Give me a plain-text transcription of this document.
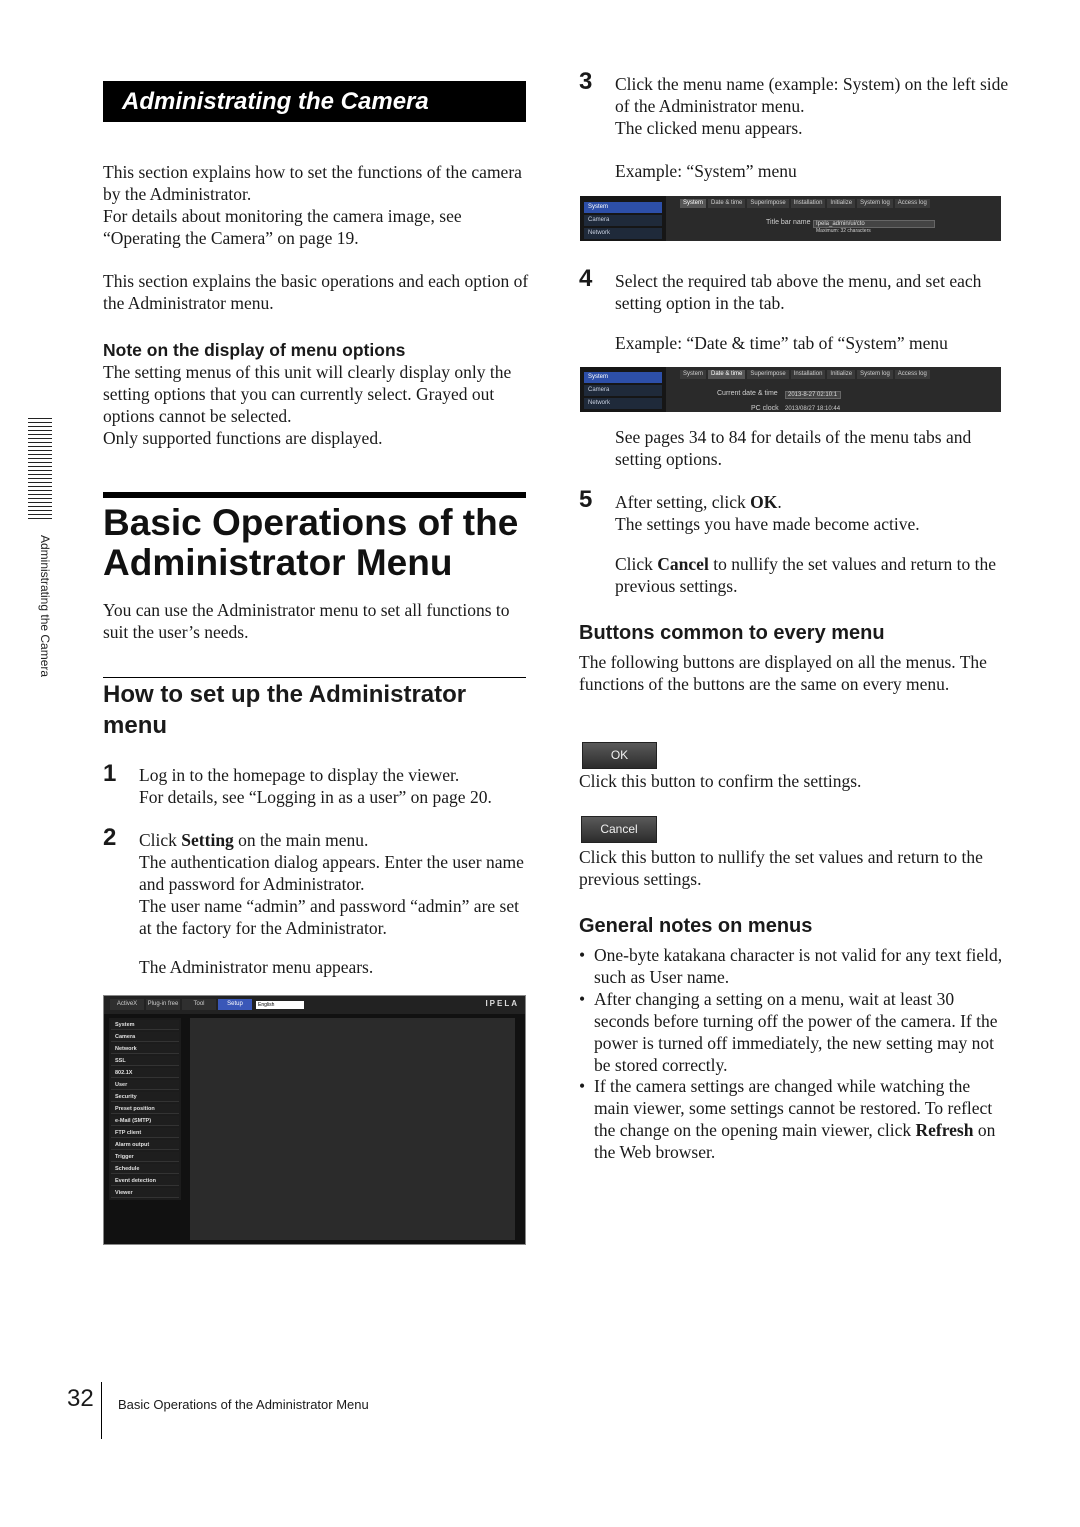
Administrating the Camera
Administrating the Camera
This section explains how to set the functions of the camera by the Administrator.
For details about monitoring the camera image, see “Operating the Camera” on page 19.
This section explains the basic operations and each option of the Administrator menu.
Note on the display of menu options
The setting menus of this unit will clearly display only the setting options that you can currently select. Grayed out options cannot be selected.
Only supported functions are displayed.
Basic Operations of the Administrator Menu
You can use the Administrator menu to set all functions to suit the user’s needs.
How to set up the Administrator menu
1 Log in to the homepage to display the viewer.
For details, see “Logging in as a user” on page 20.
2 Click Setting on the main menu.
The authentication dialog appears. Enter the user name and password for Administrator.
The user name “admin” and password “admin” are set at the factory for the Administrator.
The Administrator menu appears.
ActiveX	Plug-in free	Tool	Setup	English	IPELA
System
Camera
Network
SSL
802.1X
User
Security
Preset position
e-Mail (SMTP)
FTP client
Alarm output
Trigger
Schedule
Event detection
Viewer
3 Click the menu name (example: System) on the left side of the Administrator menu.
The clicked menu appears.
Example: “System” menu
System
Camera
Network
System	Date & time	Superimpose	Installation	Initialize	System log	Access log
Title bar name Ipela_admin/ui/cto
Maximum: 32 characters
4 Select the required tab above the menu, and set each setting option in the tab.
Example: “Date & time” tab of “System” menu
System
Camera
Network
System	Date & time	Superimpose	Installation	Initialize	System log	Access log
Current date & time	2013-8-27 02:10:1
PC clock 2013/08/27 18:10:44
See pages 34 to 84 for details of the menu tabs and setting options.
5 After setting, click OK.
The settings you have made become active.
Click Cancel to nullify the set values and return to the previous settings.
Buttons common to every menu
The following buttons are displayed on all the menus. The functions of the buttons are the same on every menu.
OK
Click this button to confirm the settings.
Cancel
Click this button to nullify the set values and return to the previous settings.
General notes on menus
• One-byte katakana character is not valid for any text field, such as User name.
• After changing a setting on a menu, wait at least 30 seconds before turning off the power of the camera. If the power is turned off immediately, the new setting may not be stored correctly.
• If the camera settings are changed while watching the main viewer, some settings cannot be restored. To reflect the change on the opening main viewer, click Refresh on the Web browser.
32 Basic Operations of the Administrator Menu
